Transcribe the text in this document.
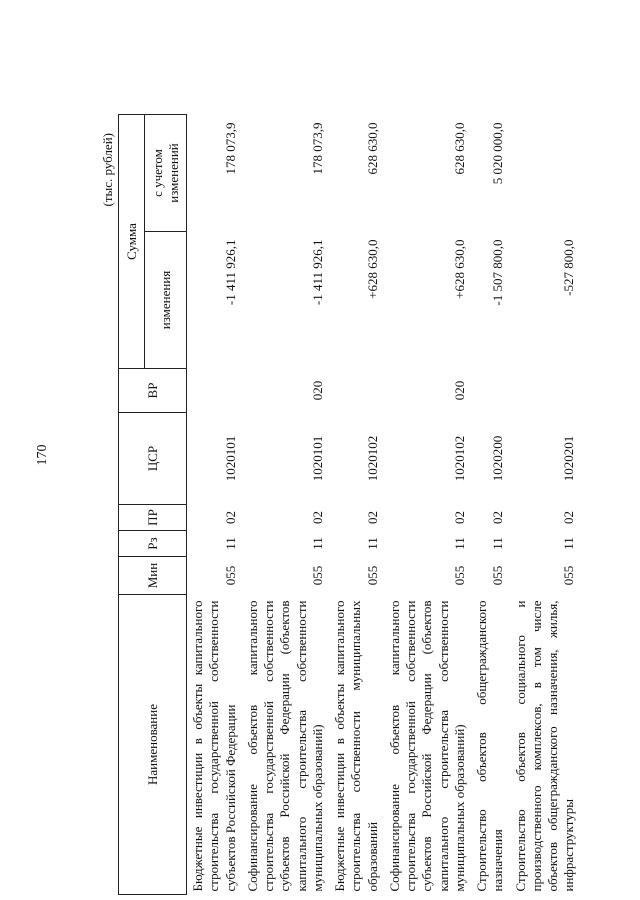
170
(тыс. рублей)
Наименование	Мин	Рз	ПР	ЦСР	ВР	Сумма	
						изменения	с учетом изменений
Бюджетные инвестиции в объекты капитального строительства государственной собственности субъектов Российской Федерации	055	11	02	1020101		-1 411 926,1	178 073,9
Софинансирование объектов капитального строительства государственной собственности субъектов Российской Федерации (объектов капитального строительства собственности муниципальных образований)	055	11	02	1020101	020	-1 411 926,1	178 073,9
Бюджетные инвестиции в объекты капитального строительства собственности муниципальных образований	055	11	02	1020102		+628 630,0	628 630,0
Софинансирование объектов капитального строительства государственной собственности субъектов Российской Федерации (объектов капитального строительства собственности муниципальных образований)	055	11	02	1020102	020	+628 630,0	628 630,0
Строительство объектов общегражданского назначения	055	11	02	1020200		-1 507 800,0	5 020 000,0
Строительство объектов социального и производственного комплексов, в том числе объектов общегражданского назначения, жилья, инфраструктуры	055	11	02	1020201		-527 800,0	
